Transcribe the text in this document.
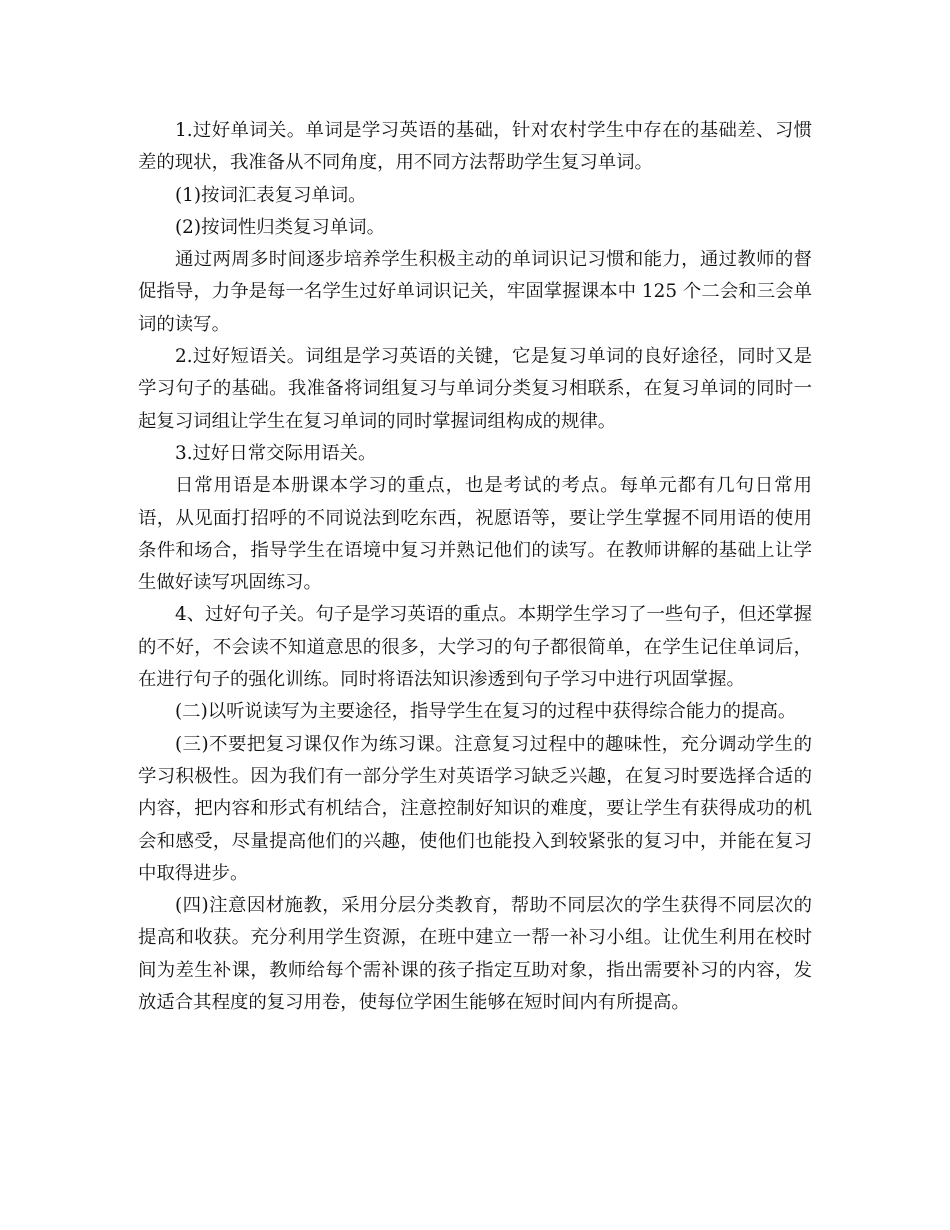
1.过好单词关。单词是学习英语的基础，针对农村学生中存在的基础差、习惯差的现状，我准备从不同角度，用不同方法帮助学生复习单词。

(1)按词汇表复习单词。

(2)按词性归类复习单词。

通过两周多时间逐步培养学生积极主动的单词识记习惯和能力，通过教师的督促指导，力争是每一名学生过好单词识记关，牢固掌握课本中 125 个二会和三会单词的读写。

2.过好短语关。词组是学习英语的关键，它是复习单词的良好途径，同时又是学习句子的基础。我准备将词组复习与单词分类复习相联系，在复习单词的同时一起复习词组让学生在复习单词的同时掌握词组构成的规律。

3.过好日常交际用语关。

日常用语是本册课本学习的重点，也是考试的考点。每单元都有几句日常用语，从见面打招呼的不同说法到吃东西，祝愿语等，要让学生掌握不同用语的使用条件和场合，指导学生在语境中复习并熟记他们的读写。在教师讲解的基础上让学生做好读写巩固练习。

4、过好句子关。句子是学习英语的重点。本期学生学习了一些句子，但还掌握的不好，不会读不知道意思的很多，大学习的句子都很简单，在学生记住单词后，在进行句子的强化训练。同时将语法知识渗透到句子学习中进行巩固掌握。

(二)以听说读写为主要途径，指导学生在复习的过程中获得综合能力的提高。

(三)不要把复习课仅作为练习课。注意复习过程中的趣味性，充分调动学生的学习积极性。因为我们有一部分学生对英语学习缺乏兴趣，在复习时要选择合适的内容，把内容和形式有机结合，注意控制好知识的难度，要让学生有获得成功的机会和感受，尽量提高他们的兴趣，使他们也能投入到较紧张的复习中，并能在复习中取得进步。

(四)注意因材施教，采用分层分类教育，帮助不同层次的学生获得不同层次的提高和收获。充分利用学生资源，在班中建立一帮一补习小组。让优生利用在校时间为差生补课，教师给每个需补课的孩子指定互助对象，指出需要补习的内容，发放适合其程度的复习用卷，使每位学困生能够在短时间内有所提高。
